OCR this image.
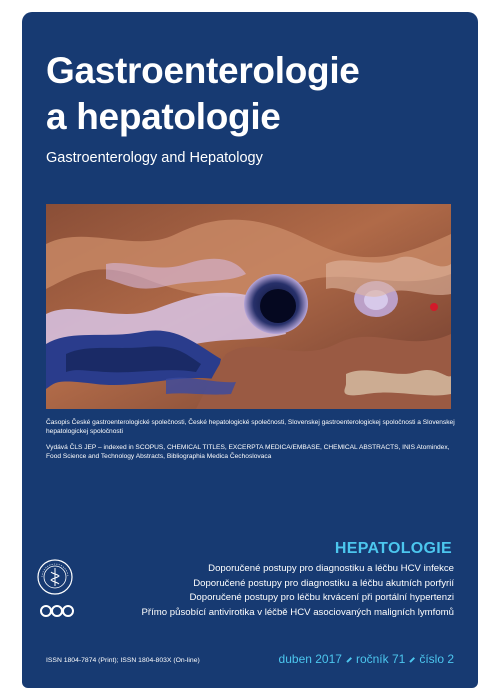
Gastroenterologie
a hepatologie
Gastroenterology and Hepatology
Časopis České gastroenterologické společnosti, České hepatologické společnosti, Slovenskej gastroenterologickej spoločnosti a Slovenskej hepatologickej spoločnosti
Vydává ČLS JEP – indexed in SCOPUS, CHEMICAL TITLES, EXCERPTA MEDICA/EMBASE, CHEMICAL ABSTRACTS, INIS Atomindex, Food Science and Technology Abstracts, Bibliographia Medica Čechoslovaca
HEPATOLOGIE
Doporučené postupy pro diagnostiku a léčbu HCV infekce
Doporučené postupy pro diagnostiku a léčbu akutních porfyrií
Doporučené postupy pro léčbu krvácení při portální hypertenzi
Přímo působící antivirotika v léčbě HCV asociovaných maligních lymfomů
ISSN 1804-7874 (Print); ISSN 1804-803X (On-line)	duben 2017 ročník 71 číslo 2
